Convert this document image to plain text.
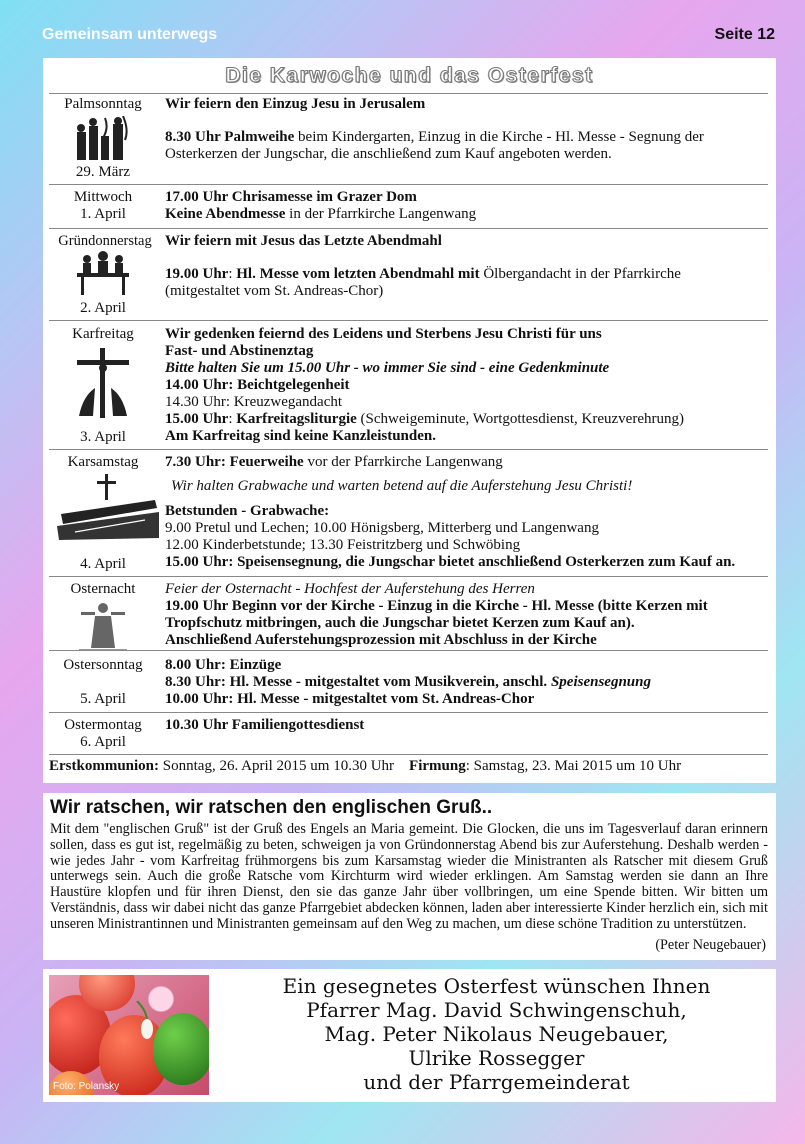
Gemeinsam unterwegs	Seite 12
Die Karwoche und das Osterfest
Palmsonntag
29. März
Wir feiern den Einzug Jesu in Jerusalem
8.30 Uhr Palmweihe beim Kindergarten, Einzug in die Kirche - Hl. Messe - Segnung der Osterkerzen der Jungschar, die anschließend zum Kauf angeboten werden.
Mittwoch
1. April
17.00 Uhr Chrisamesse im Grazer Dom
Keine Abendmesse in der Pfarrkirche Langenwang
Gründonnerstag
2. April
Wir feiern mit Jesus das Letzte Abendmahl
19.00 Uhr: Hl. Messe vom letzten Abendmahl mit Ölbergandacht in der Pfarrkirche
(mitgestaltet vom St. Andreas-Chor)
Karfreitag
3. April
Wir gedenken feiernd des Leidens und Sterbens Jesu Christi für uns
Fast- und Abstinenztag
Bitte halten Sie um 15.00 Uhr - wo immer Sie sind - eine Gedenkminute
14.00 Uhr: Beichtgelegenheit
14.30 Uhr: Kreuzwegandacht
15.00 Uhr: Karfreitagsliturgie (Schweigeminute, Wortgottesdienst, Kreuzverehrung)
Am Karfreitag sind keine Kanzleistunden.
Karsamstag
4. April
7.30 Uhr: Feuerweihe vor der Pfarrkirche Langenwang
Wir halten Grabwache und warten betend auf die Auferstehung Jesu Christi!
Betstunden - Grabwache:
9.00 Pretul und Lechen; 10.00 Hönigsberg, Mitterberg und Langenwang
12.00 Kinderbetstunde; 13.30 Feistritzberg und Schwöbing
15.00 Uhr: Speisensegnung, die Jungschar bietet anschließend Osterkerzen zum Kauf an.
Osternacht	Feier der Osternacht - Hochfest der Auferstehung des Herren
19.00 Uhr Beginn vor der Kirche - Einzug in die Kirche - Hl. Messe (bitte Kerzen mit Tropfschutz mitbringen, auch die Jungschar bietet Kerzen zum Kauf an).
Anschließend Auferstehungsprozession mit Abschluss in der Kirche
Ostersonntag
5. April
8.00 Uhr: Einzüge
8.30 Uhr: Hl. Messe - mitgestaltet vom Musikverein, anschl. Speisensegnung
10.00 Uhr: Hl. Messe - mitgestaltet vom St. Andreas-Chor
Ostermontag
6. April
10.30 Uhr Familiengottesdienst
Erstkommunion: Sonntag, 26. April 2015 um 10.30 Uhr Firmung: Samstag, 23. Mai 2015 um 10 Uhr
Wir ratschen, wir ratschen den englischen Gruß..

Mit dem "englischen Gruß" ist der Gruß des Engels an Maria gemeint. Die Glocken, die uns im Tagesverlauf daran erinnern sollen, dass es gut ist, regelmäßig zu beten, schweigen ja von Gründonnerstag Abend bis zur Auferstehung. Deshalb werden - wie jedes Jahr - vom Karfreitag frühmorgens bis zum Karsamstag wieder die Ministranten als Ratscher mit diesem Gruß unterwegs sein. Auch die große Ratsche vom Kirchturm wird wieder erklingen. Am Samstag werden sie dann an Ihre Haustüre klopfen und für ihren Dienst, den sie das ganze Jahr über vollbringen, um eine Spende bitten. Wir bitten um Verständnis, dass wir dabei nicht das ganze Pfarrgebiet abdecken können, laden aber interessierte Kinder herzlich ein, sich mit unseren Ministrantinnen und Ministranten gemeinsam auf den Weg zu machen, um diese schöne Tradition zu unterstützen.

(Peter Neugebauer)
Foto: Polansky
Ein gesegnetes Osterfest wünschen Ihnen
Pfarrer Mag. David Schwingenschuh,
Mag. Peter Nikolaus Neugebauer,
Ulrike Rossegger
und der Pfarrgemeinderat
